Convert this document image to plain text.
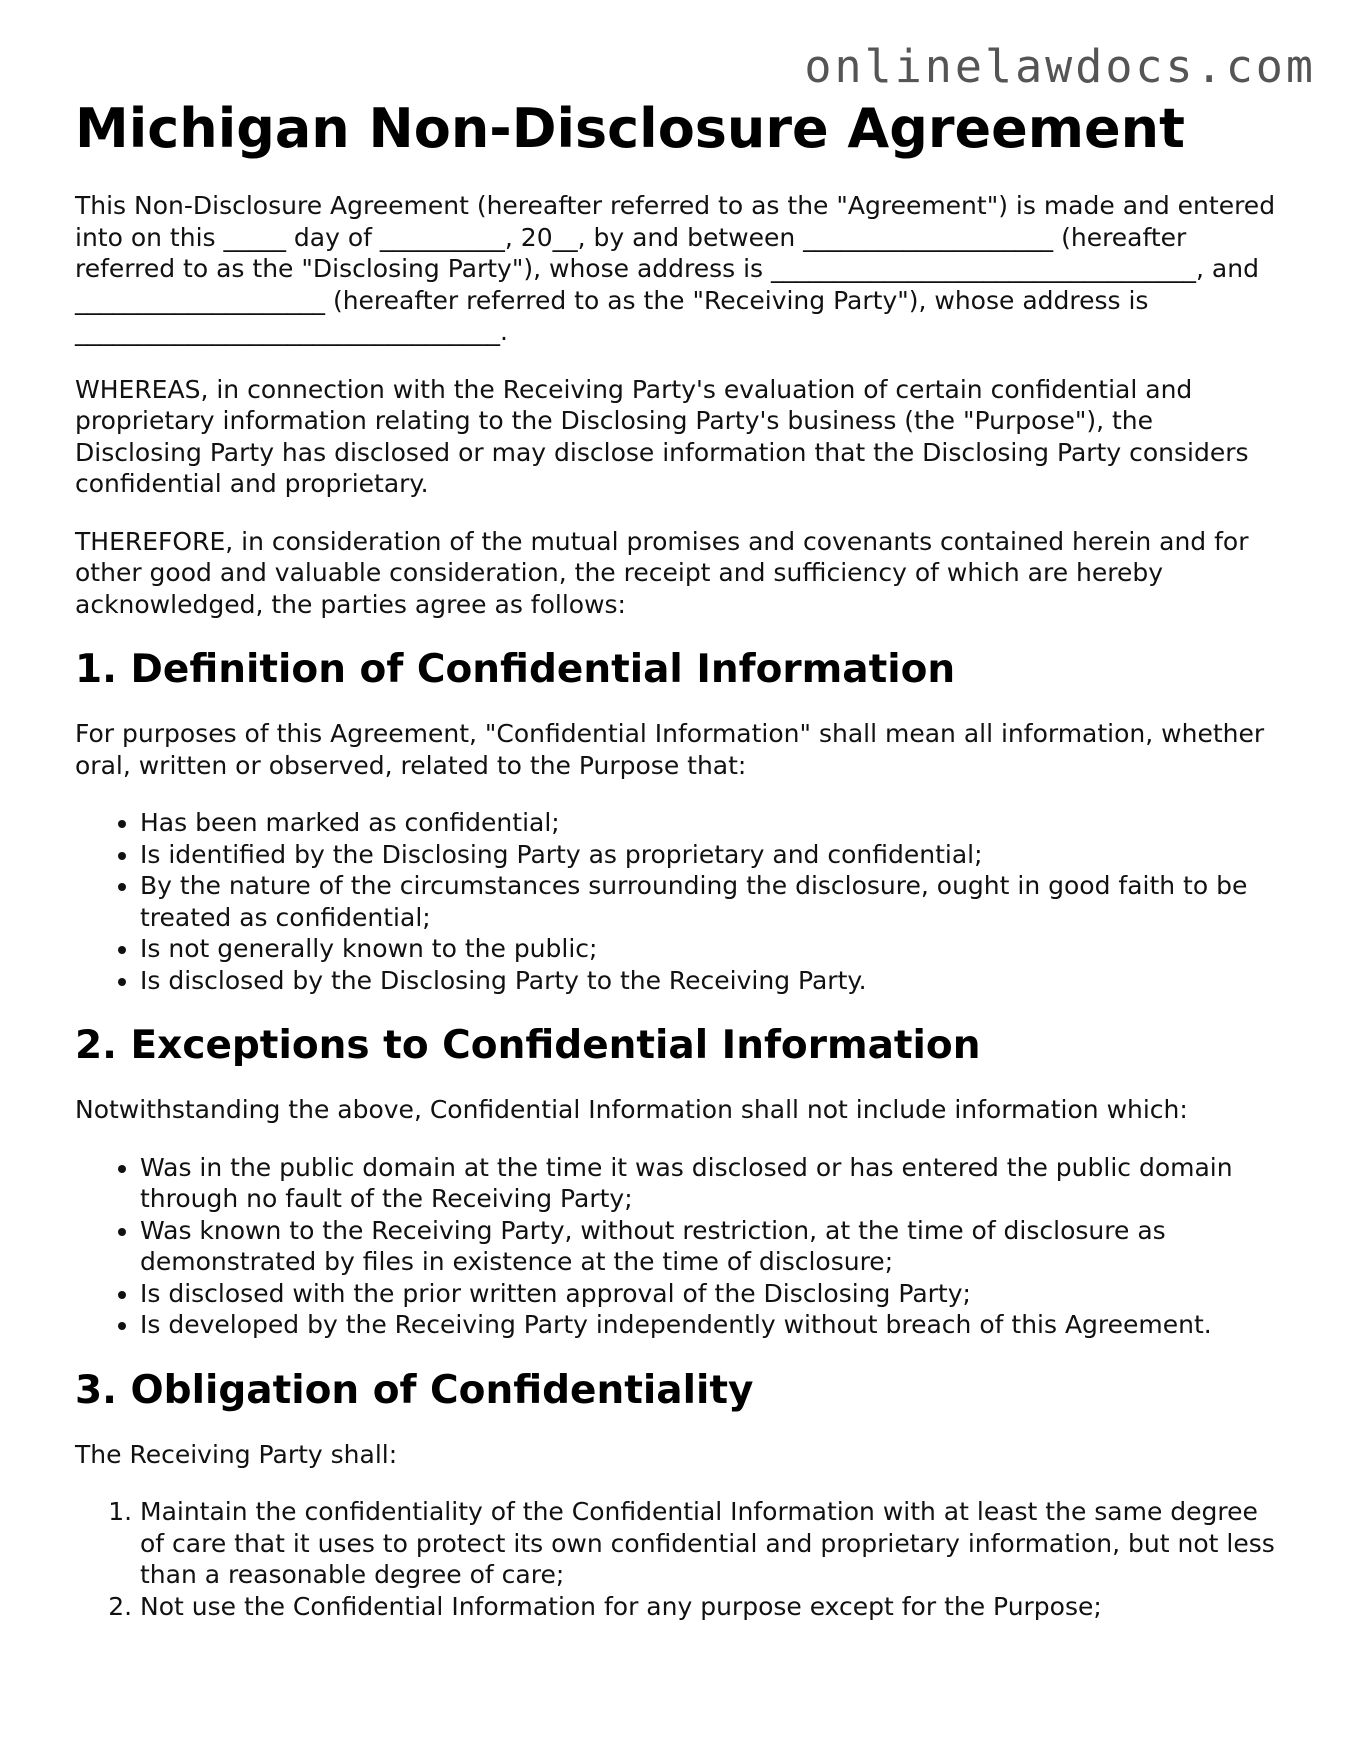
onlinelawdocs.com
Michigan Non-Disclosure Agreement

This Non-Disclosure Agreement (hereafter referred to as the "Agreement") is made and entered into on this _____ day of __________, 20__, by and between ____________________ (hereafter referred to as the "Disclosing Party"), whose address is __________________________________, and ____________________ (hereafter referred to as the "Receiving Party"), whose address is __________________________________.

WHEREAS, in connection with the Receiving Party's evaluation of certain confidential and proprietary information relating to the Disclosing Party's business (the "Purpose"), the Disclosing Party has disclosed or may disclose information that the Disclosing Party considers confidential and proprietary.

THEREFORE, in consideration of the mutual promises and covenants contained herein and for other good and valuable consideration, the receipt and sufficiency of which are hereby acknowledged, the parties agree as follows:

1. Definition of Confidential Information

For purposes of this Agreement, "Confidential Information" shall mean all information, whether oral, written or observed, related to the Purpose that:

• Has been marked as confidential;
• Is identified by the Disclosing Party as proprietary and confidential;
• By the nature of the circumstances surrounding the disclosure, ought in good faith to be treated as confidential;
• Is not generally known to the public;
• Is disclosed by the Disclosing Party to the Receiving Party.
2. Exceptions to Confidential Information

Notwithstanding the above, Confidential Information shall not include information which:

• Was in the public domain at the time it was disclosed or has entered the public domain through no fault of the Receiving Party;
• Was known to the Receiving Party, without restriction, at the time of disclosure as demonstrated by files in existence at the time of disclosure;
• Is disclosed with the prior written approval of the Disclosing Party;
• Is developed by the Receiving Party independently without breach of this Agreement.
3. Obligation of Confidentiality

The Receiving Party shall:

1. Maintain the confidentiality of the Confidential Information with at least the same degree of care that it uses to protect its own confidential and proprietary information, but not less than a reasonable degree of care;
2. Not use the Confidential Information for any purpose except for the Purpose;
